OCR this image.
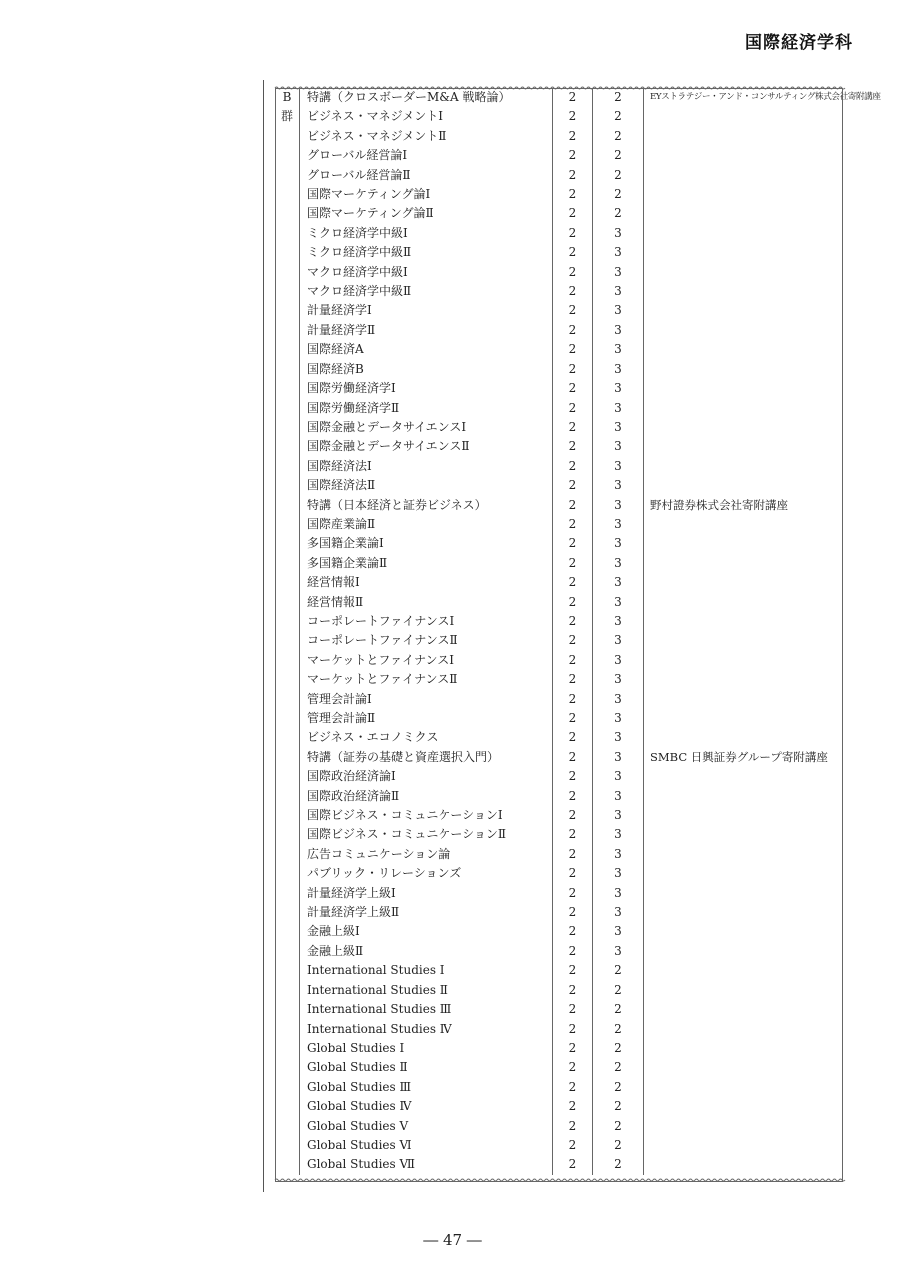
国際経済学科
B	特講（クロスボーダーM&A 戦略論）	2	2	EYストラテジー・アンド・コンサルティング株式会社寄附講座

群	ビジネス・マネジメントⅠ	2	2	
	ビジネス・マネジメントⅡ	2	2	
	グローバル経営論Ⅰ	2	2	
	グローバル経営論Ⅱ	2	2	
	国際マーケティング論Ⅰ	2	2	
	国際マーケティング論Ⅱ	2	2	
	ミクロ経済学中級Ⅰ	2	3	
	ミクロ経済学中級Ⅱ	2	3	
	マクロ経済学中級Ⅰ	2	3	
	マクロ経済学中級Ⅱ	2	3	
	計量経済学Ⅰ	2	3	
	計量経済学Ⅱ	2	3	
	国際経済A	2	3	
	国際経済B	2	3	
	国際労働経済学Ⅰ	2	3	
	国際労働経済学Ⅱ	2	3	
	国際金融とデータサイエンスⅠ	2	3	
	国際金融とデータサイエンスⅡ	2	3	
	国際経済法Ⅰ	2	3	
	国際経済法Ⅱ	2	3	
	特講（日本経済と証券ビジネス）	2	3	野村證券株式会社寄附講座
	国際産業論Ⅱ	2	3	
	多国籍企業論Ⅰ	2	3	
	多国籍企業論Ⅱ	2	3	
	経営情報Ⅰ	2	3	
	経営情報Ⅱ	2	3	
	コーポレートファイナンスⅠ	2	3	
	コーポレートファイナンスⅡ	2	3	
	マーケットとファイナンスⅠ	2	3	
	マーケットとファイナンスⅡ	2	3	
	管理会計論Ⅰ	2	3	
	管理会計論Ⅱ	2	3	
	ビジネス・エコノミクス	2	3	
	特講（証券の基礎と資産選択入門）	2	3	SMBC 日興証券グループ寄附講座
	国際政治経済論Ⅰ	2	3	
	国際政治経済論Ⅱ	2	3	
	国際ビジネス・コミュニケーションⅠ	2	3	
	国際ビジネス・コミュニケーションⅡ	2	3	
	広告コミュニケーション論	2	3	
	パブリック・リレーションズ	2	3	
	計量経済学上級Ⅰ	2	3	
	計量経済学上級Ⅱ	2	3	
	金融上級Ⅰ	2	3	
	金融上級Ⅱ	2	3	
	International Studies Ⅰ	2	2	
	International Studies Ⅱ	2	2	
	International Studies Ⅲ	2	2	
	International Studies Ⅳ	2	2	
	Global Studies Ⅰ	2	2	
	Global Studies Ⅱ	2	2	
	Global Studies Ⅲ	2	2	
	Global Studies Ⅳ	2	2	
	Global Studies Ⅴ	2	2	
	Global Studies Ⅵ	2	2	
	Global Studies Ⅶ	2	2	
― 47 ―
